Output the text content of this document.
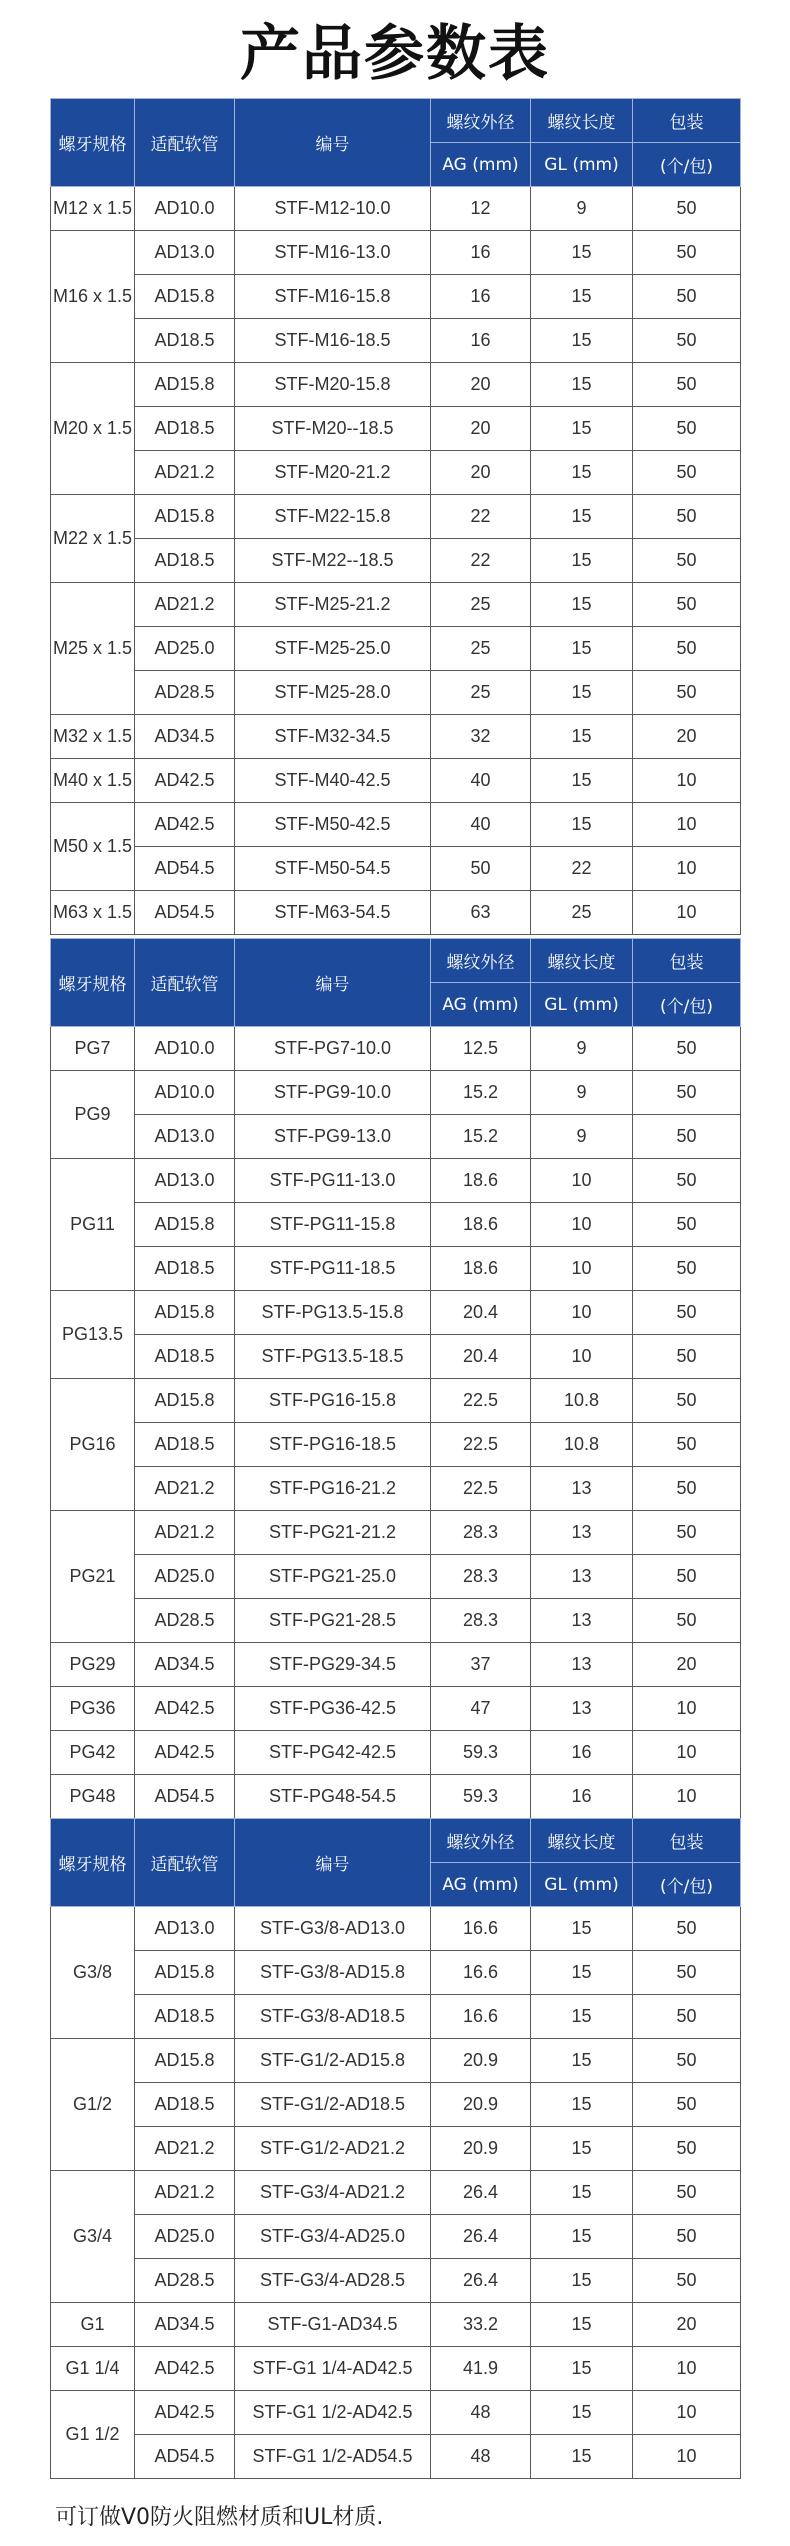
产品参数表
螺牙规格	适配软管	编号	螺纹外径	螺纹长度	包装
			AG (mm)	GL (mm)	(个/包)
M12 x 1.5	AD10.0	STF-M12-10.0	12	9	50
M16 x 1.5	AD13.0	STF-M16-13.0	16	15	50
	AD15.8	STF-M16-15.8	16	15	50
	AD18.5	STF-M16-18.5	16	15	50
M20 x 1.5	AD15.8	STF-M20-15.8	20	15	50
	AD18.5	STF-M20--18.5	20	15	50
	AD21.2	STF-M20-21.2	20	15	50
M22 x 1.5	AD15.8	STF-M22-15.8	22	15	50
	AD18.5	STF-M22--18.5	22	15	50
M25 x 1.5	AD21.2	STF-M25-21.2	25	15	50
	AD25.0	STF-M25-25.0	25	15	50
	AD28.5	STF-M25-28.0	25	15	50
M32 x 1.5	AD34.5	STF-M32-34.5	32	15	20
M40 x 1.5	AD42.5	STF-M40-42.5	40	15	10
M50 x 1.5	AD42.5	STF-M50-42.5	40	15	10
	AD54.5	STF-M50-54.5	50	22	10
M63 x 1.5	AD54.5	STF-M63-54.5	63	25	10
螺牙规格	适配软管	编号	螺纹外径	螺纹长度	包装
			AG (mm)	GL (mm)	(个/包)
PG7	AD10.0	STF-PG7-10.0	12.5	9	50
PG9	AD10.0	STF-PG9-10.0	15.2	9	50
	AD13.0	STF-PG9-13.0	15.2	9	50
PG11	AD13.0	STF-PG11-13.0	18.6	10	50
	AD15.8	STF-PG11-15.8	18.6	10	50
	AD18.5	STF-PG11-18.5	18.6	10	50
PG13.5	AD15.8	STF-PG13.5-15.8	20.4	10	50
	AD18.5	STF-PG13.5-18.5	20.4	10	50
PG16	AD15.8	STF-PG16-15.8	22.5	10.8	50
	AD18.5	STF-PG16-18.5	22.5	10.8	50
	AD21.2	STF-PG16-21.2	22.5	13	50
PG21	AD21.2	STF-PG21-21.2	28.3	13	50
	AD25.0	STF-PG21-25.0	28.3	13	50
	AD28.5	STF-PG21-28.5	28.3	13	50
PG29	AD34.5	STF-PG29-34.5	37	13	20
PG36	AD42.5	STF-PG36-42.5	47	13	10
PG42	AD42.5	STF-PG42-42.5	59.3	16	10
PG48	AD54.5	STF-PG48-54.5	59.3	16	10
螺牙规格	适配软管	编号	螺纹外径	螺纹长度	包装
			AG (mm)	GL (mm)	(个/包)
G3/8	AD13.0	STF-G3/8-AD13.0	16.6	15	50
	AD15.8	STF-G3/8-AD15.8	16.6	15	50
	AD18.5	STF-G3/8-AD18.5	16.6	15	50
G1/2	AD15.8	STF-G1/2-AD15.8	20.9	15	50
	AD18.5	STF-G1/2-AD18.5	20.9	15	50
	AD21.2	STF-G1/2-AD21.2	20.9	15	50
G3/4	AD21.2	STF-G3/4-AD21.2	26.4	15	50
	AD25.0	STF-G3/4-AD25.0	26.4	15	50
	AD28.5	STF-G3/4-AD28.5	26.4	15	50
G1	AD34.5	STF-G1-AD34.5	33.2	15	20
G1 1/4	AD42.5	STF-G1 1/4-AD42.5	41.9	15	10
G1 1/2	AD42.5	STF-G1 1/2-AD42.5	48	15	10
	AD54.5	STF-G1 1/2-AD54.5	48	15	10
可订做V0防火阻燃材质和UL材质.
